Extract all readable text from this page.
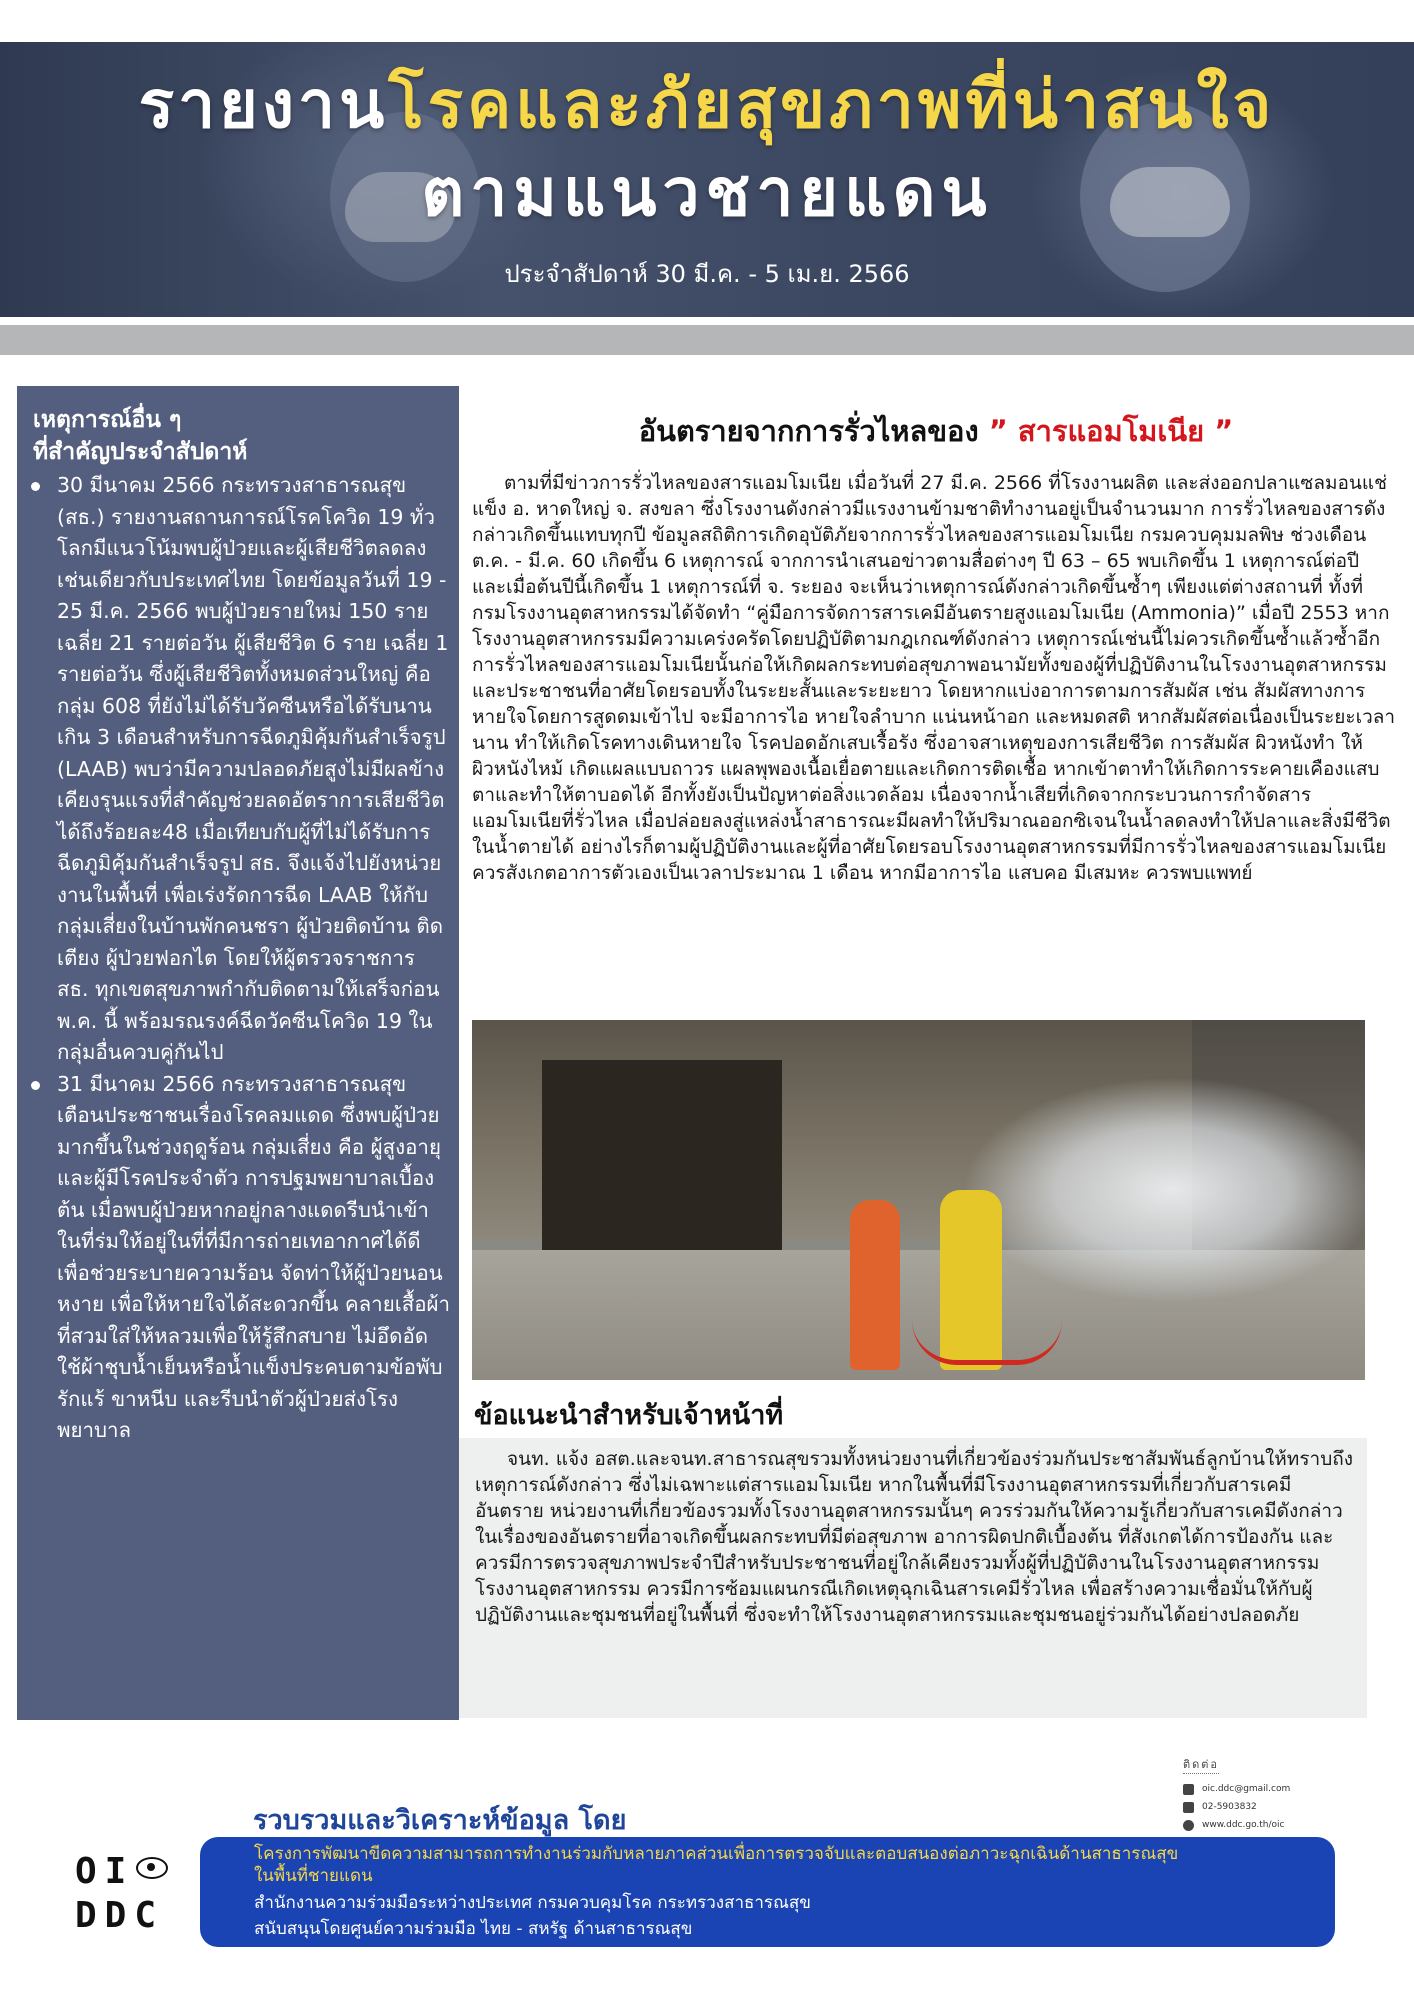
รายงานโรคและภัยสุขภาพที่น่าสนใจ
ตามแนวชายแดน
ประจำสัปดาห์ 30 มี.ค. - 5 เม.ย. 2566
เหตุการณ์อื่น ๆ
ที่สำคัญประจำสัปดาห์
30 มีนาคม 2566 กระทรวงสาธารณสุข (สธ.) รายงานสถานการณ์โรคโควิด 19 ทั่วโลกมีแนวโน้มพบผู้ป่วยและผู้เสียชีวิตลดลง เช่นเดียวกับประเทศไทย โดยข้อมูลวันที่ 19 - 25 มี.ค. 2566 พบผู้ป่วยรายใหม่ 150 ราย เฉลี่ย 21 รายต่อวัน ผู้เสียชีวิต 6 ราย เฉลี่ย 1 รายต่อวัน ซึ่งผู้เสียชีวิตทั้งหมดส่วนใหญ่ คือ กลุ่ม 608 ที่ยังไม่ได้รับวัคซีนหรือได้รับนานเกิน 3 เดือนสำหรับการฉีดภูมิคุ้มกันสำเร็จรูป (LAAB) พบว่ามีความปลอดภัยสูงไม่มีผลข้างเคียงรุนแรงที่สำคัญช่วยลดอัตราการเสียชีวิตได้ถึงร้อยละ48 เมื่อเทียบกับผู้ที่ไม่ได้รับการฉีดภูมิคุ้มกันสำเร็จรูป สธ. จึงแจ้งไปยังหน่วยงานในพื้นที่ เพื่อเร่งรัดการฉีด LAAB ให้กับกลุ่มเสี่ยงในบ้านพักคนชรา ผู้ป่วยติดบ้าน ติดเตียง ผู้ป่วยฟอกไต โดยให้ผู้ตรวจราชการ สธ. ทุกเขตสุขภาพกำกับติดตามให้เสร็จก่อน พ.ค. นี้ พร้อมรณรงค์ฉีดวัคซีนโควิด 19 ในกลุ่มอื่นควบคู่กันไป
31 มีนาคม 2566 กระทรวงสาธารณสุข เตือนประชาชนเรื่องโรคลมแดด ซึ่งพบผู้ป่วยมากขึ้นในช่วงฤดูร้อน กลุ่มเสี่ยง คือ ผู้สูงอายุ และผู้มีโรคประจำตัว การปฐมพยาบาลเบื้องต้น เมื่อพบผู้ป่วยหากอยู่กลางแดดรีบนำเข้าในที่ร่มให้อยู่ในที่ที่มีการถ่ายเทอากาศได้ดีเพื่อช่วยระบายความร้อน จัดท่าให้ผู้ป่วยนอนหงาย เพื่อให้หายใจได้สะดวกขึ้น คลายเสื้อผ้าที่สวมใส่ให้หลวมเพื่อให้รู้สึกสบาย ไม่อึดอัด ใช้ผ้าชุบน้ำเย็นหรือน้ำแข็งประคบตามข้อพับ รักแร้ ขาหนีบ และรีบนำตัวผู้ป่วยส่งโรงพยาบาล
อันตรายจากการรั่วไหลของ ” สารแอมโมเนีย ”

ตามที่มีข่าวการรั่วไหลของสารแอมโมเนีย เมื่อวันที่ 27 มี.ค. 2566 ที่โรงงานผลิต และส่งออกปลาแซลมอนแช่แข็ง อ. หาดใหญ่ จ. สงขลา ซึ่งโรงงานดังกล่าวมีแรงงานข้ามชาติทำงานอยู่เป็นจำนวนมาก การรั่วไหลของสารดังกล่าวเกิดขึ้นแทบทุกปี ข้อมูลสถิติการเกิดอุบัติภัยจากการรั่วไหลของสารแอมโมเนีย กรมควบคุมมลพิษ ช่วงเดือน ต.ค. - มี.ค. 60 เกิดขึ้น 6 เหตุการณ์ จากการนำเสนอข่าวตามสื่อต่างๆ ปี 63 – 65 พบเกิดขึ้น 1 เหตุการณ์ต่อปี และเมื่อต้นปีนี้เกิดขึ้น 1 เหตุการณ์ที่ จ. ระยอง จะเห็นว่าเหตุการณ์ดังกล่าวเกิดขึ้นซ้ำๆ เพียงแต่ต่างสถานที่ ทั้งที่กรมโรงงานอุตสาหกรรมได้จัดทำ “คู่มือการจัดการสารเคมีอันตรายสูงแอมโมเนีย (Ammonia)” เมื่อปี 2553 หากโรงงานอุตสาหกรรมมีความเคร่งครัดโดยปฏิบัติตามกฎเกณฑ์ดังกล่าว เหตุการณ์เช่นนี้ไม่ควรเกิดขึ้นซ้ำแล้วซ้ำอีก การรั่วไหลของสารแอมโมเนียนั้นก่อให้เกิดผลกระทบต่อสุขภาพอนามัยทั้งของผู้ที่ปฏิบัติงานในโรงงานอุตสาหกรรมและประชาชนที่อาศัยโดยรอบทั้งในระยะสั้นและระยะยาว โดยหากแบ่งอาการตามการสัมผัส เช่น สัมผัสทางการหายใจโดยการสูดดมเข้าไป จะมีอาการไอ หายใจลำบาก แน่นหน้าอก และหมดสติ หากสัมผัสต่อเนื่องเป็นระยะเวลานาน ทำให้เกิดโรคทางเดินหายใจ โรคปอดอักเสบเรื้อรัง ซึ่งอาจสาเหตุของการเสียชีวิต การสัมผัส ผิวหนังทำ ให้ผิวหนังไหม้ เกิดแผลแบบถาวร แผลพุพองเนื้อเยื่อตายและเกิดการติดเชื้อ หากเข้าตาทำให้เกิดการระคายเคืองแสบตาและทำให้ตาบอดได้ อีกทั้งยังเป็นปัญหาต่อสิ่งแวดล้อม เนื่องจากน้ำเสียที่เกิดจากกระบวนการกำจัดสารแอมโมเนียที่รั่วไหล เมื่อปล่อยลงสู่แหล่งน้ำสาธารณะมีผลทำให้ปริมาณออกซิเจนในน้ำลดลงทำให้ปลาและสิ่งมีชีวิตในน้ำตายได้ อย่างไรก็ตามผู้ปฏิบัติงานและผู้ที่อาศัยโดยรอบโรงงานอุตสาหกรรมที่มีการรั่วไหลของสารแอมโมเนีย ควรสังเกตอาการตัวเองเป็นเวลาประมาณ 1 เดือน หากมีอาการไอ แสบคอ มีเสมหะ ควรพบแพทย์

ข้อแนะนำสำหรับเจ้าหน้าที่

จนท. แจ้ง อสต.และจนท.สาธารณสุขรวมทั้งหน่วยงานที่เกี่ยวข้องร่วมกันประชาสัมพันธ์ลูกบ้านให้ทราบถึงเหตุการณ์ดังกล่าว ซึ่งไม่เฉพาะแต่สารแอมโมเนีย หากในพื้นที่มีโรงงานอุตสาหกรรมที่เกี่ยวกับสารเคมีอันตราย หน่วยงานที่เกี่ยวข้องรวมทั้งโรงงานอุตสาหกรรมนั้นๆ ควรร่วมกันให้ความรู้เกี่ยวกับสารเคมีดังกล่าว ในเรื่องของอันตรายที่อาจเกิดขึ้นผลกระทบที่มีต่อสุขภาพ อาการผิดปกติเบื้องต้น ที่สังเกตได้การป้องกัน และควรมีการตรวจสุขภาพประจำปีสำหรับประชาชนที่อยู่ใกล้เคียงรวมทั้งผู้ที่ปฏิบัติงานในโรงงานอุตสาหกรรมโรงงานอุตสาหกรรม ควรมีการซ้อมแผนกรณีเกิดเหตุฉุกเฉินสารเคมีรั่วไหล เพื่อสร้างความเชื่อมั่นให้กับผู้ปฏิบัติงานและชุมชนที่อยู่ในพื้นที่ ซึ่งจะทำให้โรงงานอุตสาหกรรมและชุมชนอยู่ร่วมกันได้อย่างปลอดภัย

ติดต่อ
oic.ddc@gmail.com
02-5903832
www.ddc.go.th/oic
OI
DDC
โครงการพัฒนาขีดความสามารถการทำงานร่วมกับหลายภาคส่วนเพื่อการตรวจจับและตอบสนองต่อภาวะฉุกเฉินด้านสาธารณสุข
ในพื้นที่ชายแดน
สำนักงานความร่วมมือระหว่างประเทศ กรมควบคุมโรค กระทรวงสาธารณสุข
สนับสนุนโดยศูนย์ความร่วมมือ ไทย - สหรัฐ ด้านสาธารณสุข
รวบรวมและวิเคราะห์ข้อมูล โดย
